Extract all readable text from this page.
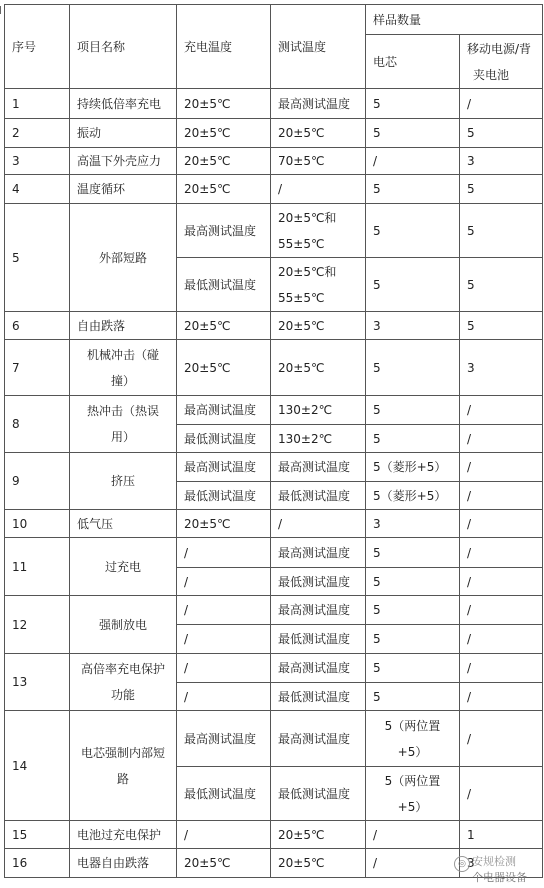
序号	项目名称	充电温度	测试温度	样品数量	
				电芯	移动电源/背
夹电池

1	持续低倍率充电	20±5℃	最高测试温度	5	/
2	振动	20±5℃	20±5℃	5	5
3	高温下外壳应力	20±5℃	70±5℃	/	3
4	温度循环	20±5℃	/	5	5
5	外部短路	最高测试温度	20±5℃和
55±5℃	5	5
		最低测试温度	20±5℃和
55±5℃	5	5
6	自由跌落	20±5℃	20±5℃	3	5
7	机械冲击（碰
撞）	20±5℃	20±5℃	5	3
8	热冲击（热误
用）	最高测试温度	130±2℃	5	/
		最低测试温度	130±2℃	5	/
9	挤压	最高测试温度	最高测试温度	5（菱形+5）	/
		最低测试温度	最低测试温度	5（菱形+5）	/
10	低气压	20±5℃	/	3	/
11	过充电	/	最高测试温度	5	/
		/	最低测试温度	5	/
12	强制放电	/	最高测试温度	5	/
		/	最低测试温度	5	/
13	高倍率充电保护
功能	/	最高测试温度	5	/
		/	最低测试温度	5	/
14	电芯强制内部短
路	最高测试温度	最高测试温度	5（两位置
+5）	/
		最低测试温度	最低测试温度	5（两位置
+5）	/
15	电池过充电保护	/	20±5℃	/	1
16	电器自由跌落	20±5℃	20±5℃	/	3
◎ 安规检测
个电器设备
